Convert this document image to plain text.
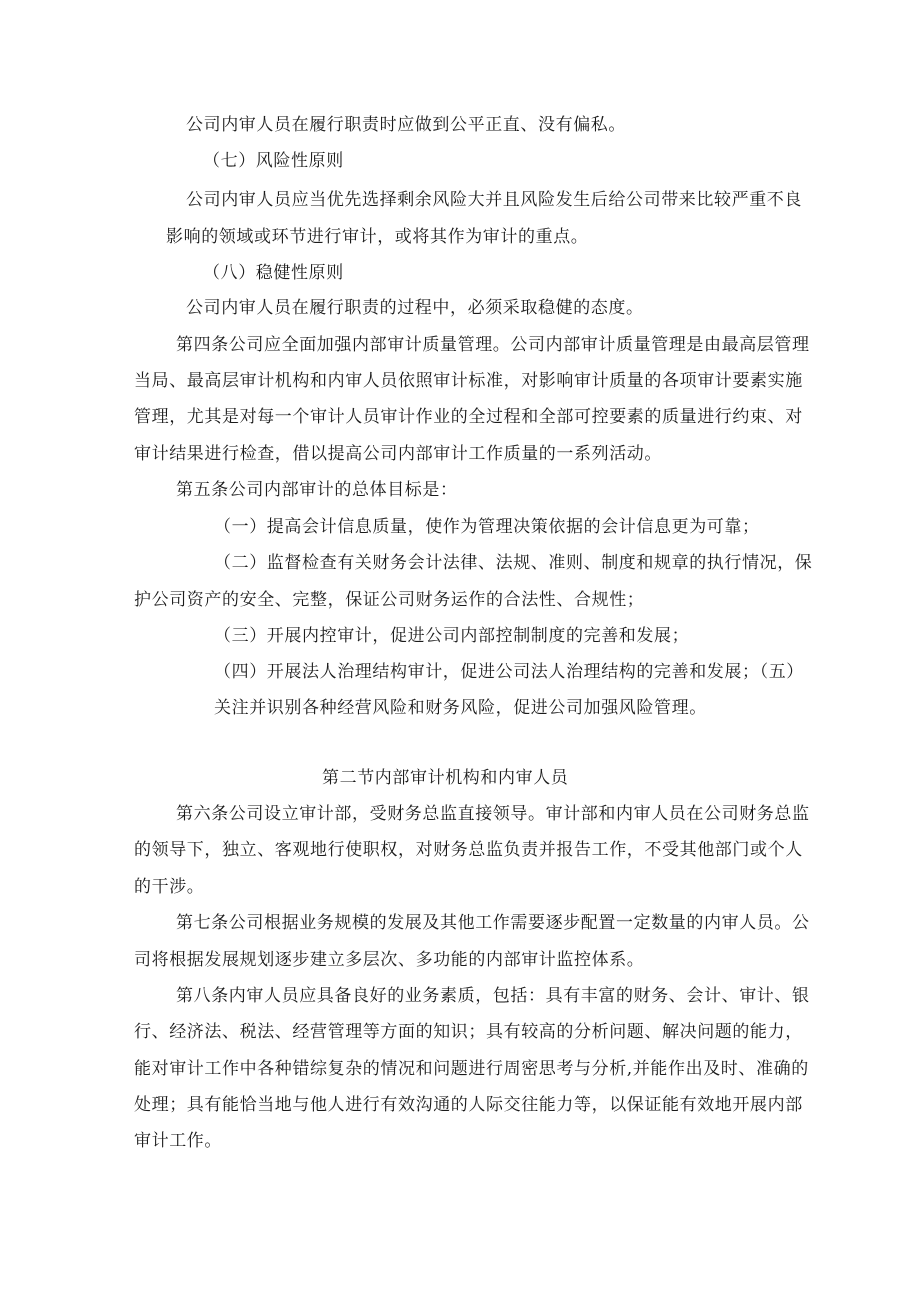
公司内审人员在履行职责时应做到公平正直、没有偏私。
（七）风险性原则
公司内审人员应当优先选择剩余风险大并且风险发生后给公司带来比较严重不良
影响的领域或环节进行审计，或将其作为审计的重点。
（八）稳健性原则
公司内审人员在履行职责的过程中，必须采取稳健的态度。
第四条公司应全面加强内部审计质量管理。公司内部审计质量管理是由最高层管理
当局、最高层审计机构和内审人员依照审计标准，对影响审计质量的各项审计要素实施
管理，尤其是对每一个审计人员审计作业的全过程和全部可控要素的质量进行约束、对
审计结果进行检查，借以提高公司内部审计工作质量的一系列活动。
第五条公司内部审计的总体目标是：
（一）提高会计信息质量，使作为管理决策依据的会计信息更为可靠；
（二）监督检查有关财务会计法律、法规、准则、制度和规章的执行情况，保
护公司资产的安全、完整，保证公司财务运作的合法性、合规性；
（三）开展内控审计，促进公司内部控制制度的完善和发展；
（四）开展法人治理结构审计，促进公司法人治理结构的完善和发展；（五）
关注并识别各种经营风险和财务风险，促进公司加强风险管理。
第二节内部审计机构和内审人员
第六条公司设立审计部，受财务总监直接领导。审计部和内审人员在公司财务总监
的领导下，独立、客观地行使职权，对财务总监负责并报告工作，不受其他部门或个人
的干涉。
第七条公司根据业务规模的发展及其他工作需要逐步配置一定数量的内审人员。公
司将根据发展规划逐步建立多层次、多功能的内部审计监控体系。
第八条内审人员应具备良好的业务素质，包括：具有丰富的财务、会计、审计、银
行、经济法、税法、经营管理等方面的知识；具有较高的分析问题、解决问题的能力，
能对审计工作中各种错综复杂的情况和问题进行周密思考与分析,并能作出及时、准确的
处理；具有能恰当地与他人进行有效沟通的人际交往能力等，以保证能有效地开展内部
审计工作。
